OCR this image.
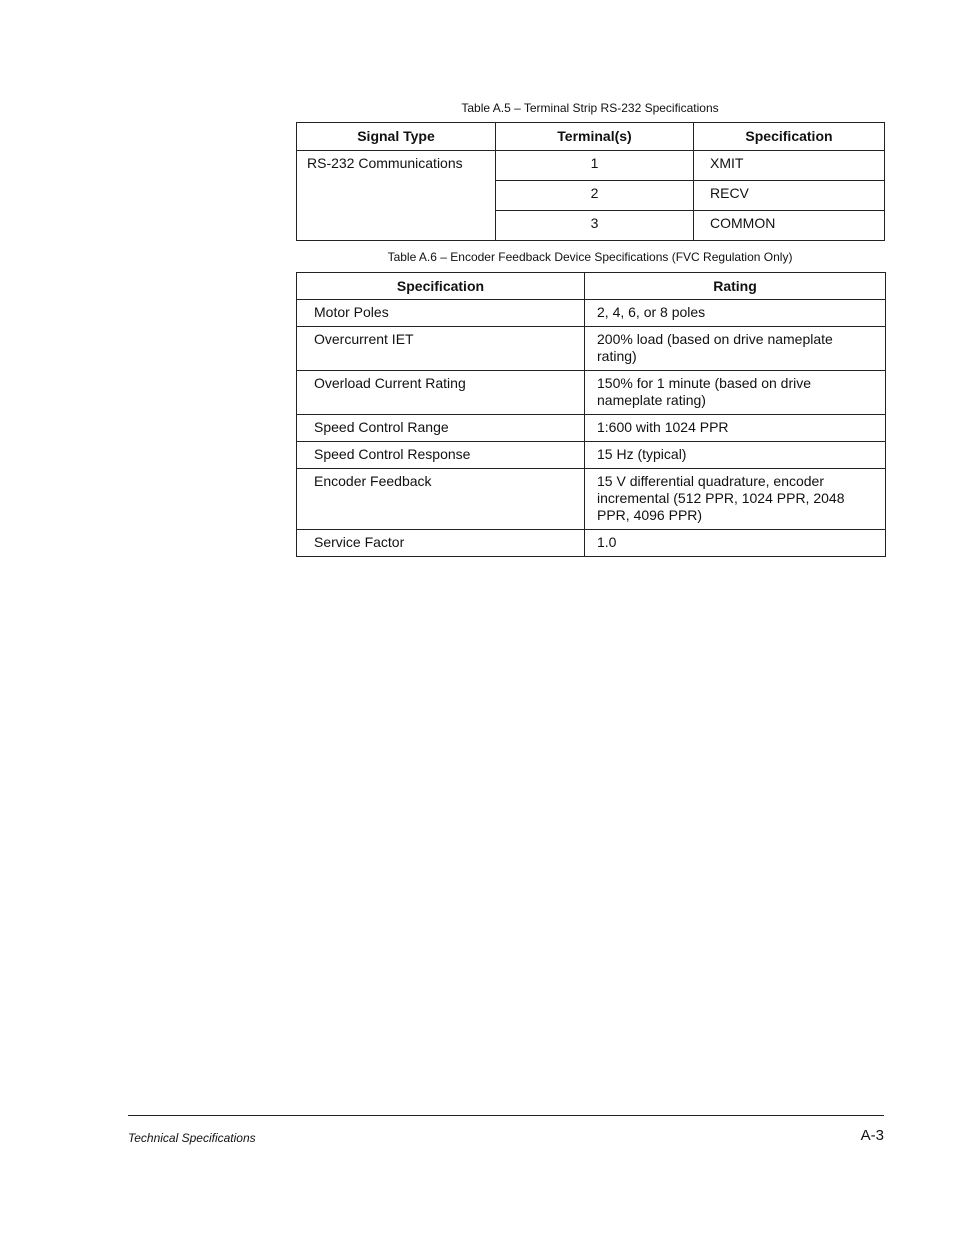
Table A.5 – Terminal Strip RS-232 Specifications
Signal Type	Terminal(s)	Specification
RS-232 Communications	1	XMIT
	2	RECV
	3	COMMON
Table A.6 – Encoder Feedback Device Specifications (FVC Regulation Only)
Specification	Rating
Motor Poles	2, 4, 6, or 8 poles
Overcurrent IET	200% load (based on drive nameplate rating)
Overload Current Rating	150% for 1 minute (based on drive nameplate rating)
Speed Control Range	1:600 with 1024 PPR
Speed Control Response	15 Hz (typical)
Encoder Feedback	15 V differential quadrature, encoder incremental (512 PPR, 1024 PPR, 2048 PPR, 4096 PPR)
Service Factor	1.0
Technical Specifications	A-3
